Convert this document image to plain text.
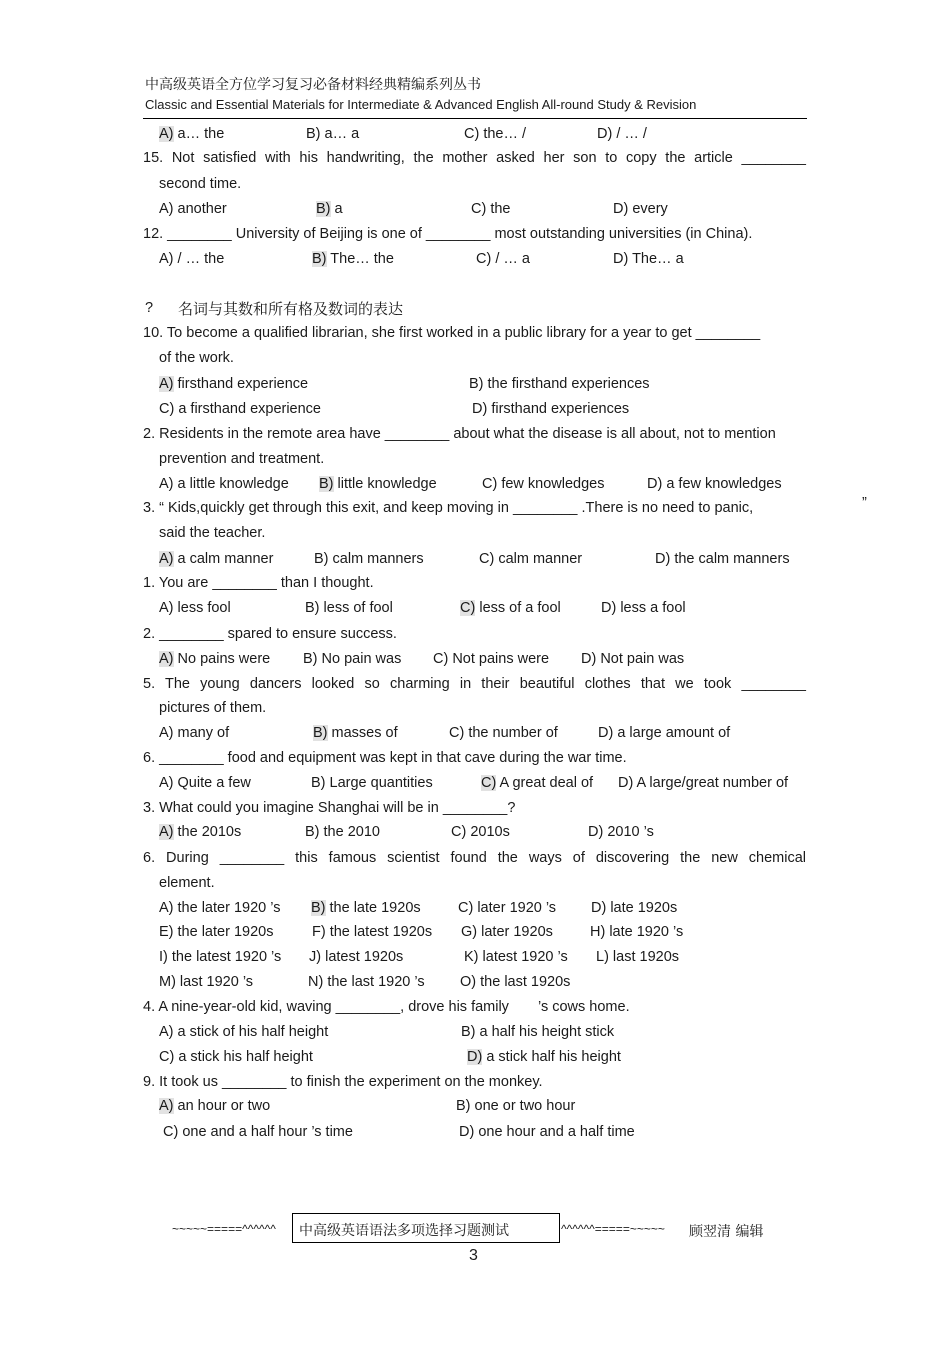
中高级英语全方位学习复习必备材料经典精编系列丛书
Classic and Essential Materials for Intermediate & Advanced English All-round Study & Revision
A) a… the	B) a… a	C) the… /	D) / … /
15. Not satisfied with his handwriting, the mother asked her son to copy the article ________
second time.
A) another	B) a	C) the	D) every
12. ________ University of Beijing is one of ________ most outstanding universities (in China).
A) / … the	B) The… the	C) / … a	D) The… a
? 名词与其数和所有格及数词的表达
10. To become a qualified librarian, she first worked in a public library for a year to get ________
of the work.
A) firsthand experience	B) the firsthand experiences
C) a firsthand experience	D) firsthand experiences
2. Residents in the remote area have ________ about what the disease is all about, not to mention
prevention and treatment.
A) a little knowledge B) little knowledge	C) few knowledges	D) a few knowledges
3. “ Kids,quickly get through this exit, and keep moving in ________ .There is no need to panic,	”
said the teacher.
A) a calm manner	B) calm manners	C) calm manner	D) the calm manners
1. You are ________ than I thought.
A) less fool	B) less of fool	C) less of a fool	D) less a fool
2. ________ spared to ensure success.
A) No pains were B) No pain was C) Not pains were D) Not pain was
5. The young dancers looked so charming in their beautiful clothes that we took ________
pictures of them.
A) many of	B) masses of	C) the number of	D) a large amount of
6. ________ food and equipment was kept in that cave during the war time.
A) Quite a few	B) Large quantities	C) A great deal of D) A large/great number of
3. What could you imagine Shanghai will be in ________?
A) the 2010s	B) the 2010	C) 2010s	D) 2010 ’s
6. During ________ this famous scientist found the ways of discovering the new chemical
element.
A) the later 1920 ’s B) the late 1920s	C) later 1920 ’s D) late 1920s
E) the later 1920s	F) the latest 1920s G) later 1920s	H) late 1920 ’s
I) the latest 1920 ’s J) latest 1920s	K) latest 1920 ’s L) last 1920s
M) last 1920 ’s	N) the last 1920 ’s O) the last 1920s
4. A nine-year-old kid, waving ________, drove his family ’s cows home.
A) a stick of his half height	B) a half his height stick
C) a stick his half height	D) a stick half his height
9. It took us ________ to finish the experiment on the monkey.
A) an hour or two	B) one or two hour
C) one and a half hour ’s time	D) one hour and a half time
~~~~~=====^^^^^^ 中高级英语语法多项选择习题测试	^^^^^^=====~~~~~ 顾翌清 编辑
3
